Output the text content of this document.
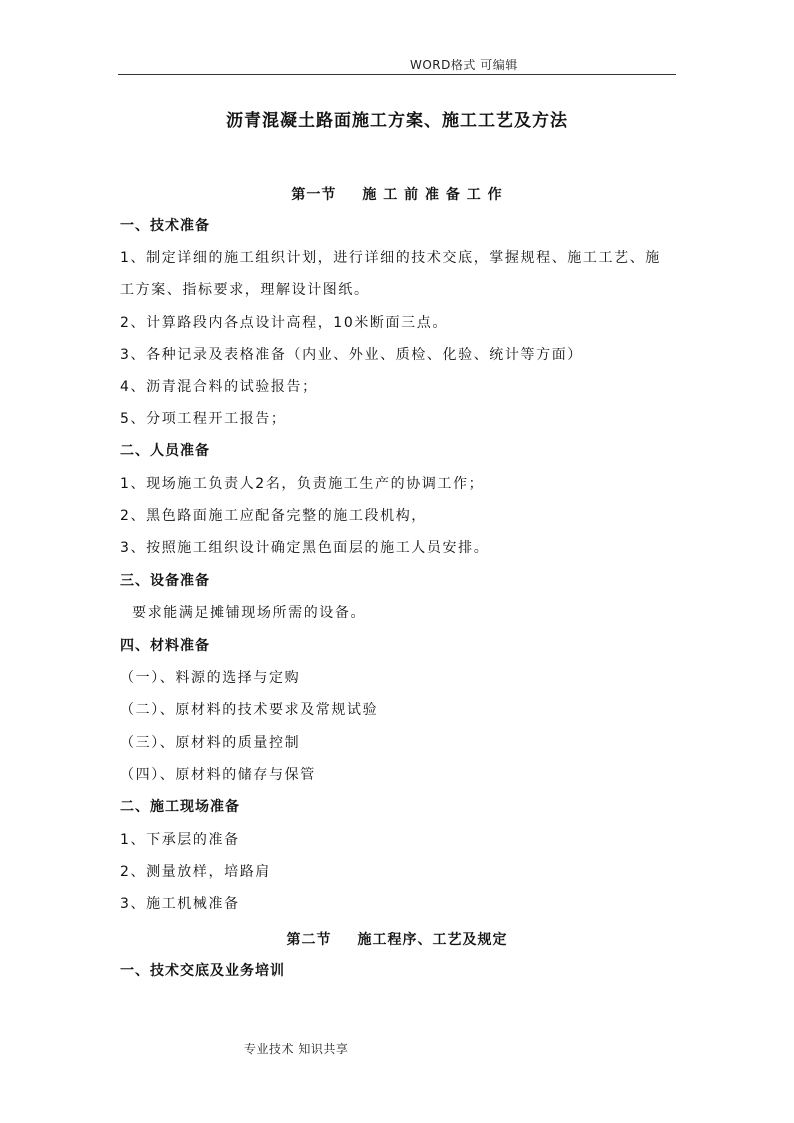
WORD格式 可编辑
沥青混凝土路面施工方案、施工工艺及方法
第一节 施 工 前 准 备 工 作
一、技术准备
1、制定详细的施工组织计划，进行详细的技术交底，掌握规程、施工工艺、施
工方案、指标要求，理解设计图纸。
2、计算路段内各点设计高程，10米断面三点。
3、各种记录及表格准备（内业、外业、质检、化验、统计等方面）
4、沥青混合料的试验报告；
5、分项工程开工报告；
二、人员准备
1、现场施工负责人2名，负责施工生产的协调工作；
2、黑色路面施工应配备完整的施工段机构，
3、按照施工组织设计确定黑色面层的施工人员安排。
三、设备准备
要求能满足摊铺现场所需的设备。
四、材料准备
（一）、料源的选择与定购
（二）、原材料的技术要求及常规试验
（三）、原材料的质量控制
（四）、原材料的储存与保管
二、施工现场准备
1、下承层的准备
2、测量放样，培路肩
3、施工机械准备
第二节 施工程序、工艺及规定
一、技术交底及业务培训
专业技术 知识共享
